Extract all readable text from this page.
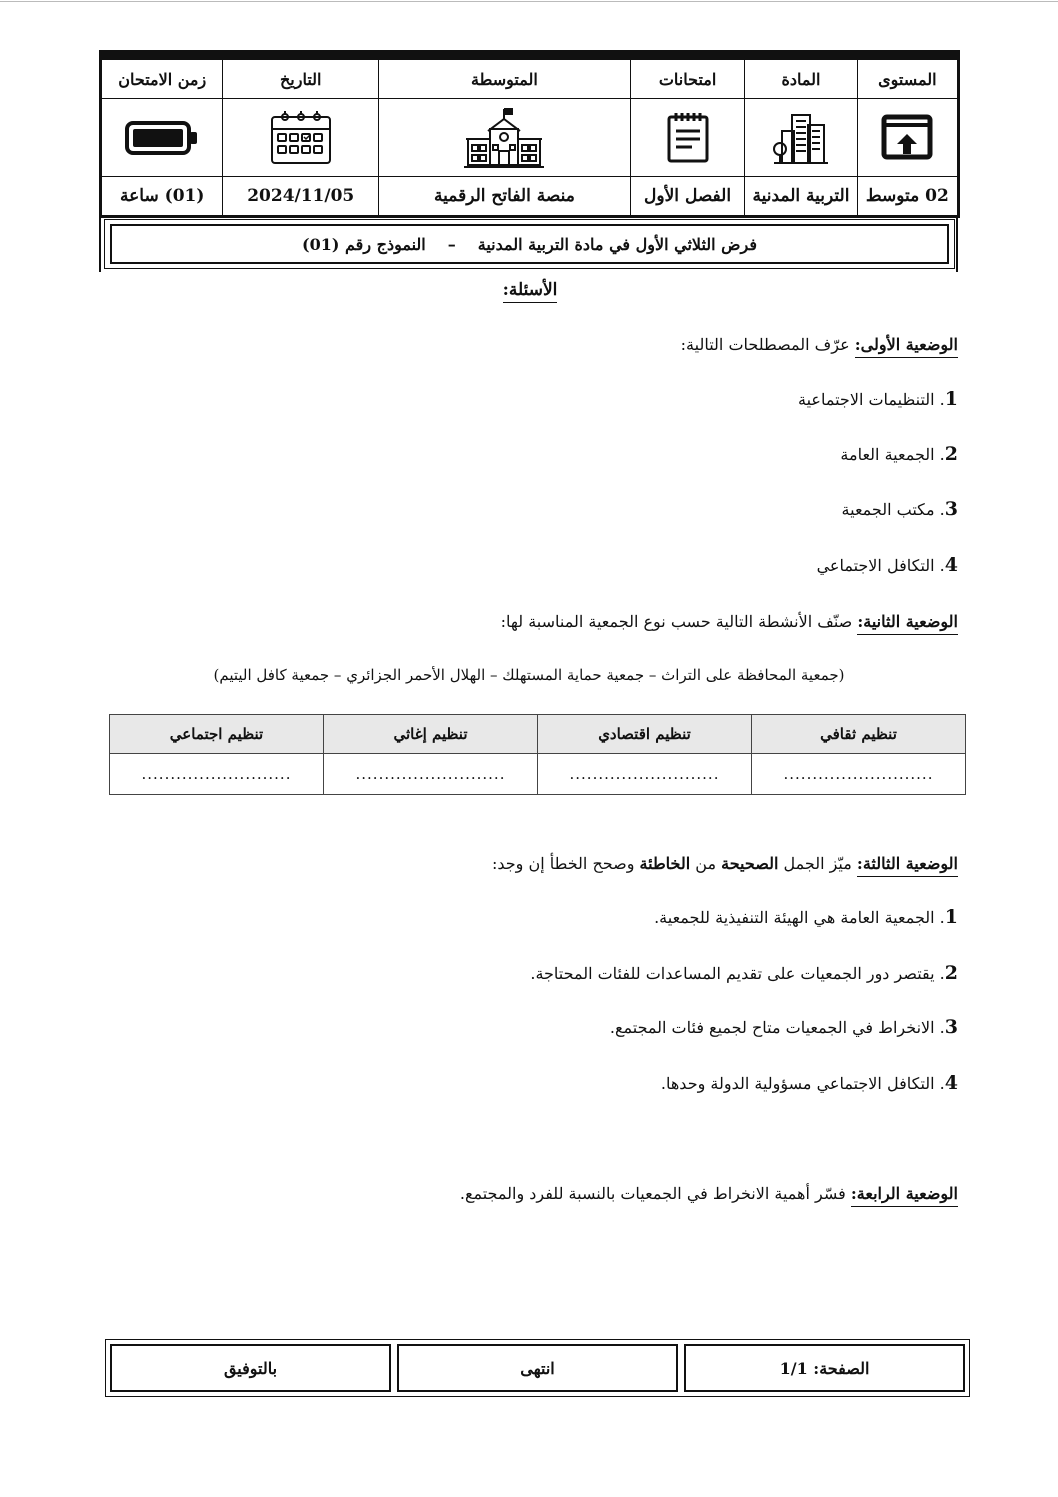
المستوى	المادة	امتحانات	المتوسطة	التاريخ	زمن الامتحان

02 متوسط	التربية المدنية	الفصل الأول	منصة الفاتح الرقمية	2024/11/05	(01) ساعة
فرض الثلاثي الأول في مادة التربية المدنية
–
النموذج رقم (01)
الأسئلة:
الوضعية الأولى: عرّف المصطلحات التالية:
1. التنظيمات الاجتماعية
2. الجمعية العامة
3. مكتب الجمعية
4. التكافل الاجتماعي
الوضعية الثانية: صنّف الأنشطة التالية حسب نوع الجمعية المناسبة لها:
(جمعية المحافظة على التراث – جمعية حماية المستهلك – الهلال الأحمر الجزائري – جمعية كافل اليتيم)
تنظيم ثقافي	تنظيم اقتصادي	تنظيم إغاثي	تنظيم اجتماعي
..........................	..........................	..........................	..........................
الوضعية الثالثة: ميّز الجمل الصحيحة من الخاطئة وصحح الخطأ إن وجد:
1. الجمعية العامة هي الهيئة التنفيذية للجمعية.
2. يقتصر دور الجمعيات على تقديم المساعدات للفئات المحتاجة.
3. الانخراط في الجمعيات متاح لجميع فئات المجتمع.
4. التكافل الاجتماعي مسؤولية الدولة وحدها.
الوضعية الرابعة: فسّر أهمية الانخراط في الجمعيات بالنسبة للفرد والمجتمع.
الصفحة: 1/1
انتهى
بالتوفيق
